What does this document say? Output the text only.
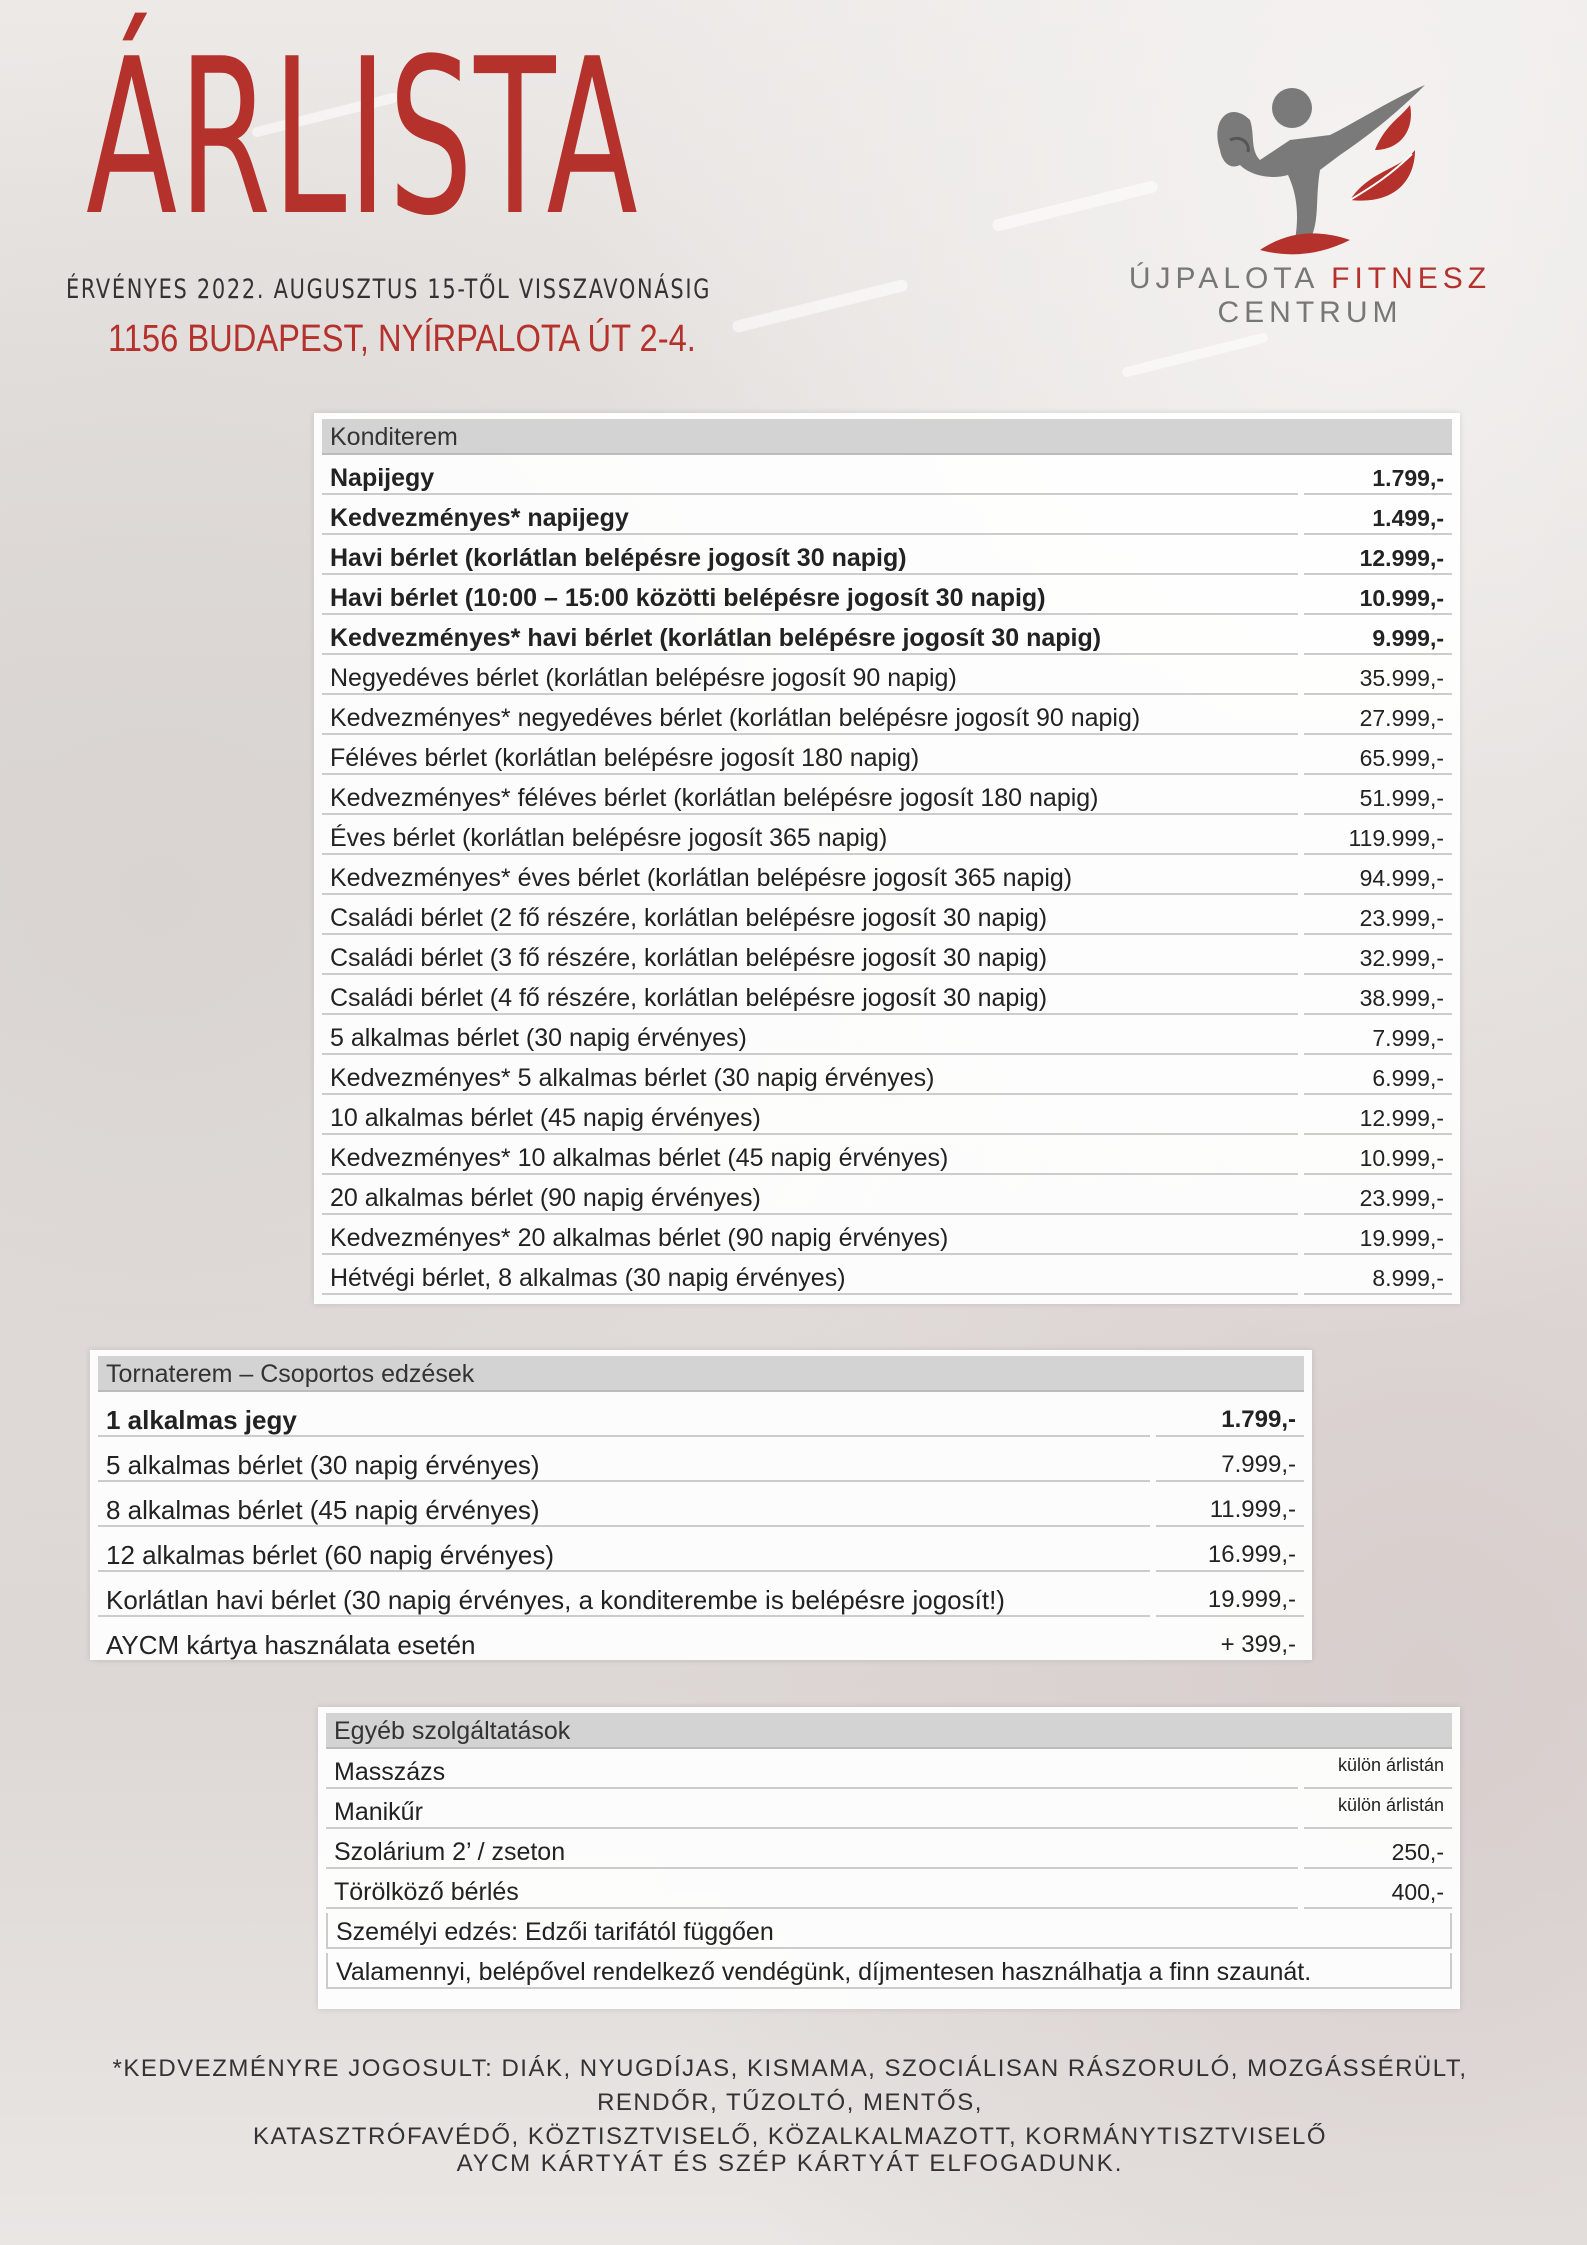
ÁRLISTA
ÉRVÉNYES 2022. AUGUSZTUS 15-TŐL VISSZAVONÁSIG
1156 BUDAPEST, NYÍRPALOTA ÚT 2-4.
ÚJPALOTA FITNESZ
CENTRUM
Konditerem
Napijegy	1.799,-
Kedvezményes* napijegy	1.499,-
Havi bérlet (korlátlan belépésre jogosít 30 napig)	12.999,-
Havi bérlet (10:00 – 15:00 közötti belépésre jogosít 30 napig)	10.999,-
Kedvezményes* havi bérlet (korlátlan belépésre jogosít 30 napig)	9.999,-
Negyedéves bérlet (korlátlan belépésre jogosít 90 napig)	35.999,-
Kedvezményes* negyedéves bérlet (korlátlan belépésre jogosít 90 napig)	27.999,-
Féléves bérlet (korlátlan belépésre jogosít 180 napig)	65.999,-
Kedvezményes* féléves bérlet (korlátlan belépésre jogosít 180 napig)	51.999,-
Éves bérlet (korlátlan belépésre jogosít 365 napig)	119.999,-
Kedvezményes* éves bérlet (korlátlan belépésre jogosít 365 napig)	94.999,-
Családi bérlet (2 fő részére, korlátlan belépésre jogosít 30 napig)	23.999,-
Családi bérlet (3 fő részére, korlátlan belépésre jogosít 30 napig)	32.999,-
Családi bérlet (4 fő részére, korlátlan belépésre jogosít 30 napig)	38.999,-
5 alkalmas bérlet (30 napig érvényes)	7.999,-
Kedvezményes* 5 alkalmas bérlet (30 napig érvényes)	6.999,-
10 alkalmas bérlet (45 napig érvényes)	12.999,-
Kedvezményes* 10 alkalmas bérlet (45 napig érvényes)	10.999,-
20 alkalmas bérlet (90 napig érvényes)	23.999,-
Kedvezményes* 20 alkalmas bérlet (90 napig érvényes)	19.999,-
Hétvégi bérlet, 8 alkalmas (30 napig érvényes)	8.999,-
Tornaterem – Csoportos edzések
1 alkalmas jegy	1.799,-
5 alkalmas bérlet (30 napig érvényes)	7.999,-
8 alkalmas bérlet (45 napig érvényes)	11.999,-
12 alkalmas bérlet (60 napig érvényes)	16.999,-
Korlátlan havi bérlet (30 napig érvényes, a konditerembe is belépésre jogosít!)	19.999,-
AYCM kártya használata esetén	+ 399,-
Egyéb szolgáltatások
Masszázs	külön árlistán
Manikűr	külön árlistán
Szolárium 2’ / zseton	250,-
Törölköző bérlés	400,-
Személyi edzés: Edzői tarifától függően
Valamennyi, belépővel rendelkező vendégünk, díjmentesen használhatja a finn szaunát.
*KEDVEZMÉNYRE JOGOSULT: DIÁK, NYUGDÍJAS, KISMAMA, SZOCIÁLISAN RÁSZORULÓ, MOZGÁSSÉRÜLT, RENDŐR, TŰZOLTÓ, MENTŐS,
KATASZTRÓFAVÉDŐ, KÖZTISZTVISELŐ, KÖZALKALMAZOTT, KORMÁNYTISZTVISELŐ
AYCM KÁRTYÁT ÉS SZÉP KÁRTYÁT ELFOGADUNK.
